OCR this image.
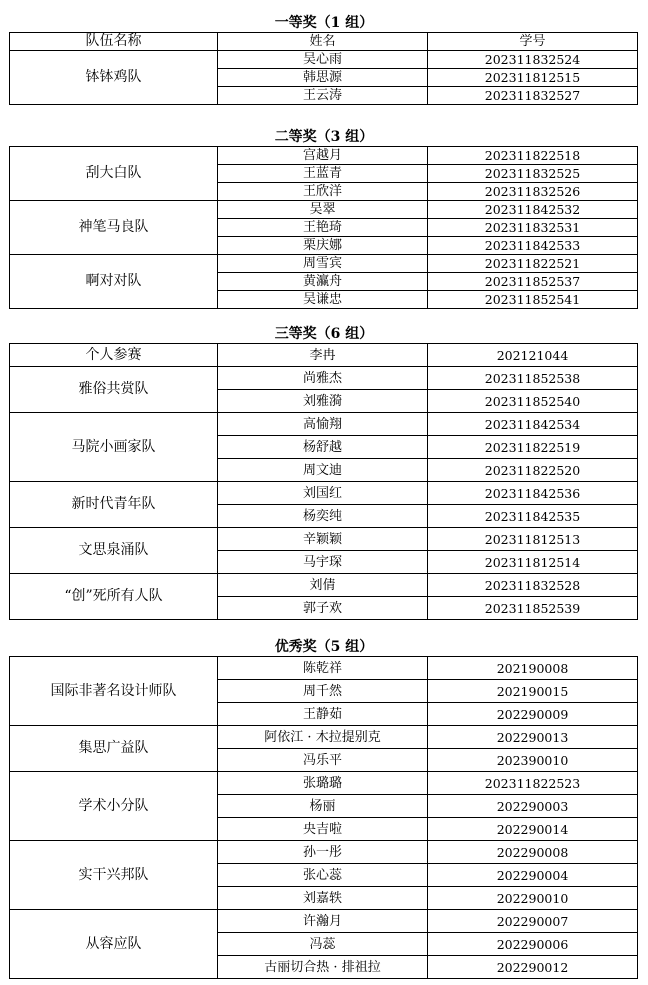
一等奖（1 组）
队伍名称	姓名	学号
钵钵鸡队	吴心雨	202311832524
	韩思源	202311812515
	王云涛	202311832527
二等奖（3 组）
刮大白队	宫越月	202311822518
	王蓝青	202311832525
	王欣洋	202311832526
神笔马良队	吴翠	202311842532
	王艳琦	202311832531
	栗庆娜	202311842533
啊对对队	周雪宾	202311822521
	黄灜舟	202311852537
	吴谦忠	202311852541
三等奖（6 组）
个人参赛	李冉	202121044
雅俗共赏队	尚雅杰	202311852538
	刘雅漪	202311852540
马院小画家队	高愉翔	202311842534
	杨舒越	202311822519
	周文迪	202311822520
新时代青年队	刘国红	202311842536
	杨奕纯	202311842535
文思泉涌队	辛颖颖	202311812513
	马宇琛	202311812514
“创”死所有人队	刘倩	202311832528
	郭子欢	202311852539
优秀奖（5 组）
国际非著名设计师队	陈乾祥	202190008
	周千然	202190015
	王静茹	202290009
集思广益队	阿依江 · 木拉提别克	202290013
	冯乐平	202390010
学术小分队	张璐璐	202311822523
	杨丽	202290003
	央吉啦	202290014
实干兴邦队	孙一彤	202290008
	张心蕊	202290004
	刘嘉轶	202290010
从容应队	许瀚月	202290007
	冯蕊	202290006
	古丽切合热 · 排祖拉	202290012
